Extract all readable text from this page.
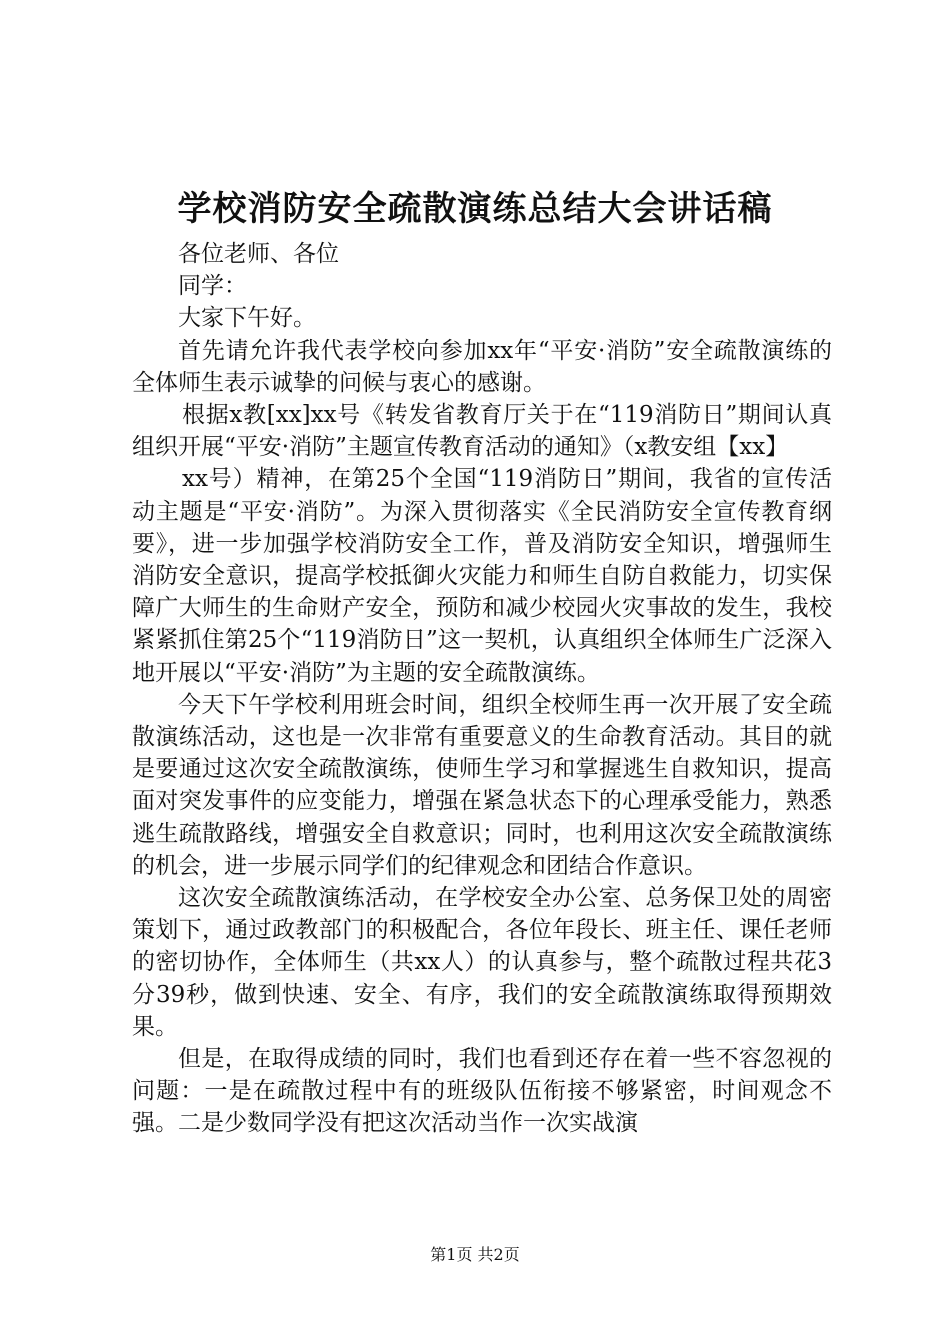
学校消防安全疏散演练总结大会讲话稿

各位老师、各位

同学：

大家下午好。

首先请允许我代表学校向参加xx年“平安·消防”安全疏散演练的全体师生表示诚挚的问候与衷心的感谢。

根据x教[xx]xx号《转发省教育厅关于在“119消防日”期间认真组织开展“平安·消防”主题宣传教育活动的通知》（x教安组【xx】

xx号）精神，在第25个全国“119消防日”期间，我省的宣传活动主题是“平安·消防”。为深入贯彻落实《全民消防安全宣传教育纲要》，进一步加强学校消防安全工作，普及消防安全知识，增强师生消防安全意识，提高学校抵御火灾能力和师生自防自救能力，切实保障广大师生的生命财产安全，预防和减少校园火灾事故的发生，我校紧紧抓住第25个“119消防日”这一契机，认真组织全体师生广泛深入地开展以“平安·消防”为主题的安全疏散演练。

今天下午学校利用班会时间，组织全校师生再一次开展了安全疏散演练活动，这也是一次非常有重要意义的生命教育活动。其目的就是要通过这次安全疏散演练，使师生学习和掌握逃生自救知识，提高面对突发事件的应变能力，增强在紧急状态下的心理承受能力，熟悉逃生疏散路线，增强安全自救意识；同时，也利用这次安全疏散演练的机会，进一步展示同学们的纪律观念和团结合作意识。

这次安全疏散演练活动，在学校安全办公室、总务保卫处的周密策划下，通过政教部门的积极配合，各位年段长、班主任、课任老师的密切协作，全体师生（共xx人）的认真参与，整个疏散过程共花3分39秒，做到快速、安全、有序，我们的安全疏散演练取得预期效果。

但是，在取得成绩的同时，我们也看到还存在着一些不容忽视的问题：一是在疏散过程中有的班级队伍衔接不够紧密，时间观念不强。二是少数同学没有把这次活动当作一次实战演

第1页 共2页
